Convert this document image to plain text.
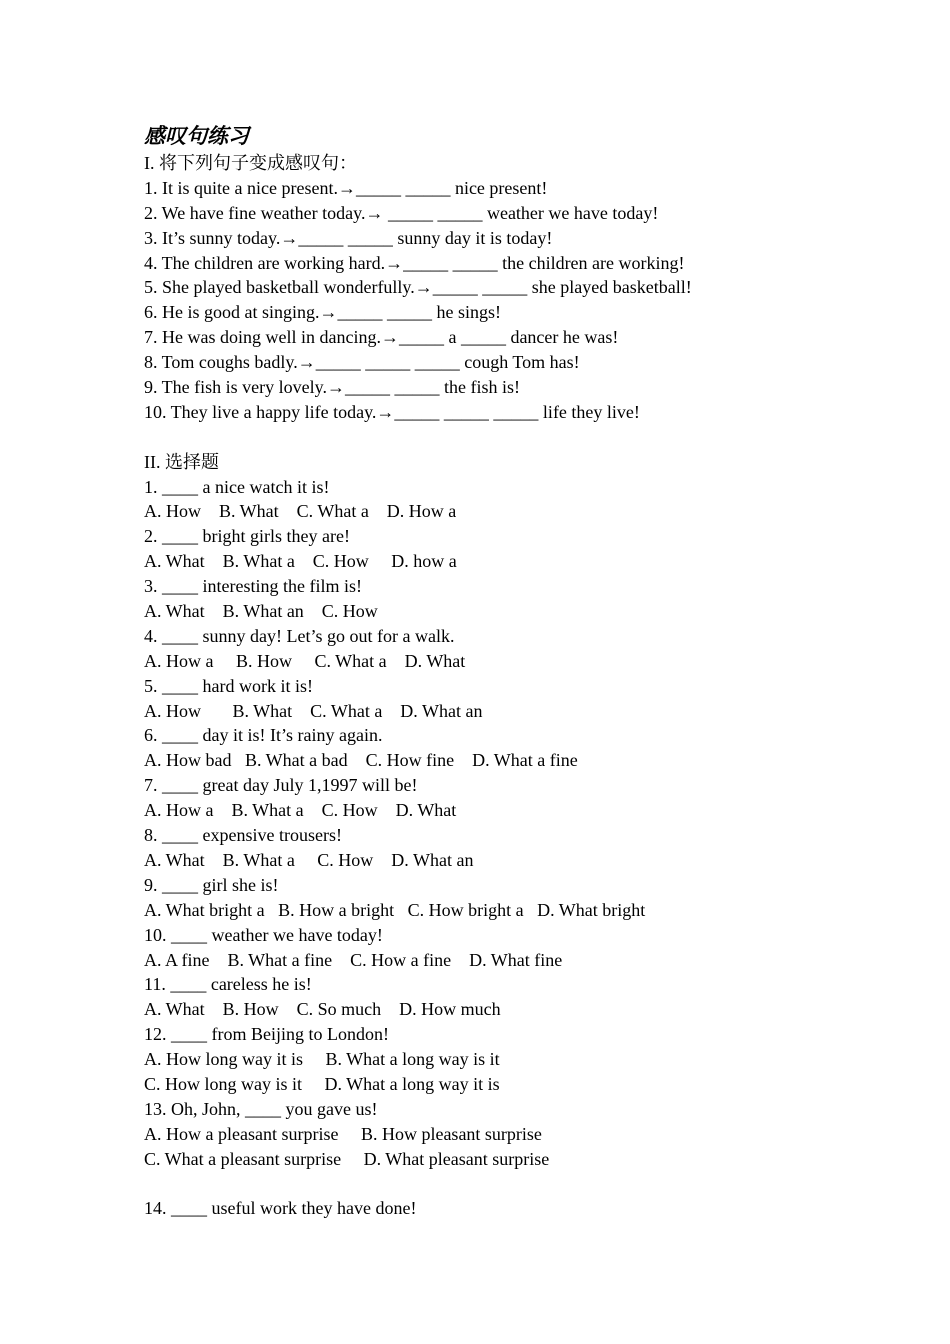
感叹句练习
I. 将下列句子变成感叹句：
1. It is quite a nice present.→_____ _____ nice present!
2. We have fine weather today.→ _____ _____ weather we have today!
3. It’s sunny today.→_____ _____ sunny day it is today!
4. The children are working hard.→_____ _____ the children are working!
5. She played basketball wonderfully.→_____ _____ she played basketball!
6. He is good at singing.→_____ _____ he sings!
7. He was doing well in dancing.→_____ a _____ dancer he was!
8. Tom coughs badly.→_____ _____ _____ cough Tom has!
9. The fish is very lovely.→_____ _____ the fish is!
10. They live a happy life today.→_____ _____ _____ life they live!
II. 选择题
1. ____ a nice watch it is!
A. How    B. What    C. What a    D. How a
2. ____ bright girls they are!
A. What    B. What a    C. How     D. how a
3. ____ interesting the film is!
A. What    B. What an    C. How
4. ____ sunny day! Let’s go out for a walk.
A. How a     B. How     C. What a    D. What
5. ____ hard work it is!
A. How       B. What    C. What a    D. What an
6. ____ day it is! It’s rainy again.
A. How bad   B. What a bad    C. How fine    D. What a fine
7. ____ great day July 1,1997 will be!
A. How a    B. What a    C. How    D. What
8. ____ expensive trousers!
A. What    B. What a     C. How    D. What an
9. ____ girl she is!
A. What bright a   B. How a bright   C. How bright a   D. What bright
10. ____ weather we have today!
A. A fine    B. What a fine    C. How a fine    D. What fine
11. ____ careless he is!
A. What    B. How    C. So much    D. How much
12. ____ from Beijing to London!
A. How long way it is     B. What a long way is it
C. How long way is it     D. What a long way it is
13. Oh, John, ____ you gave us!
A. How a pleasant surprise     B. How pleasant surprise
C. What a pleasant surprise     D. What pleasant surprise
14. ____ useful work they have done!
